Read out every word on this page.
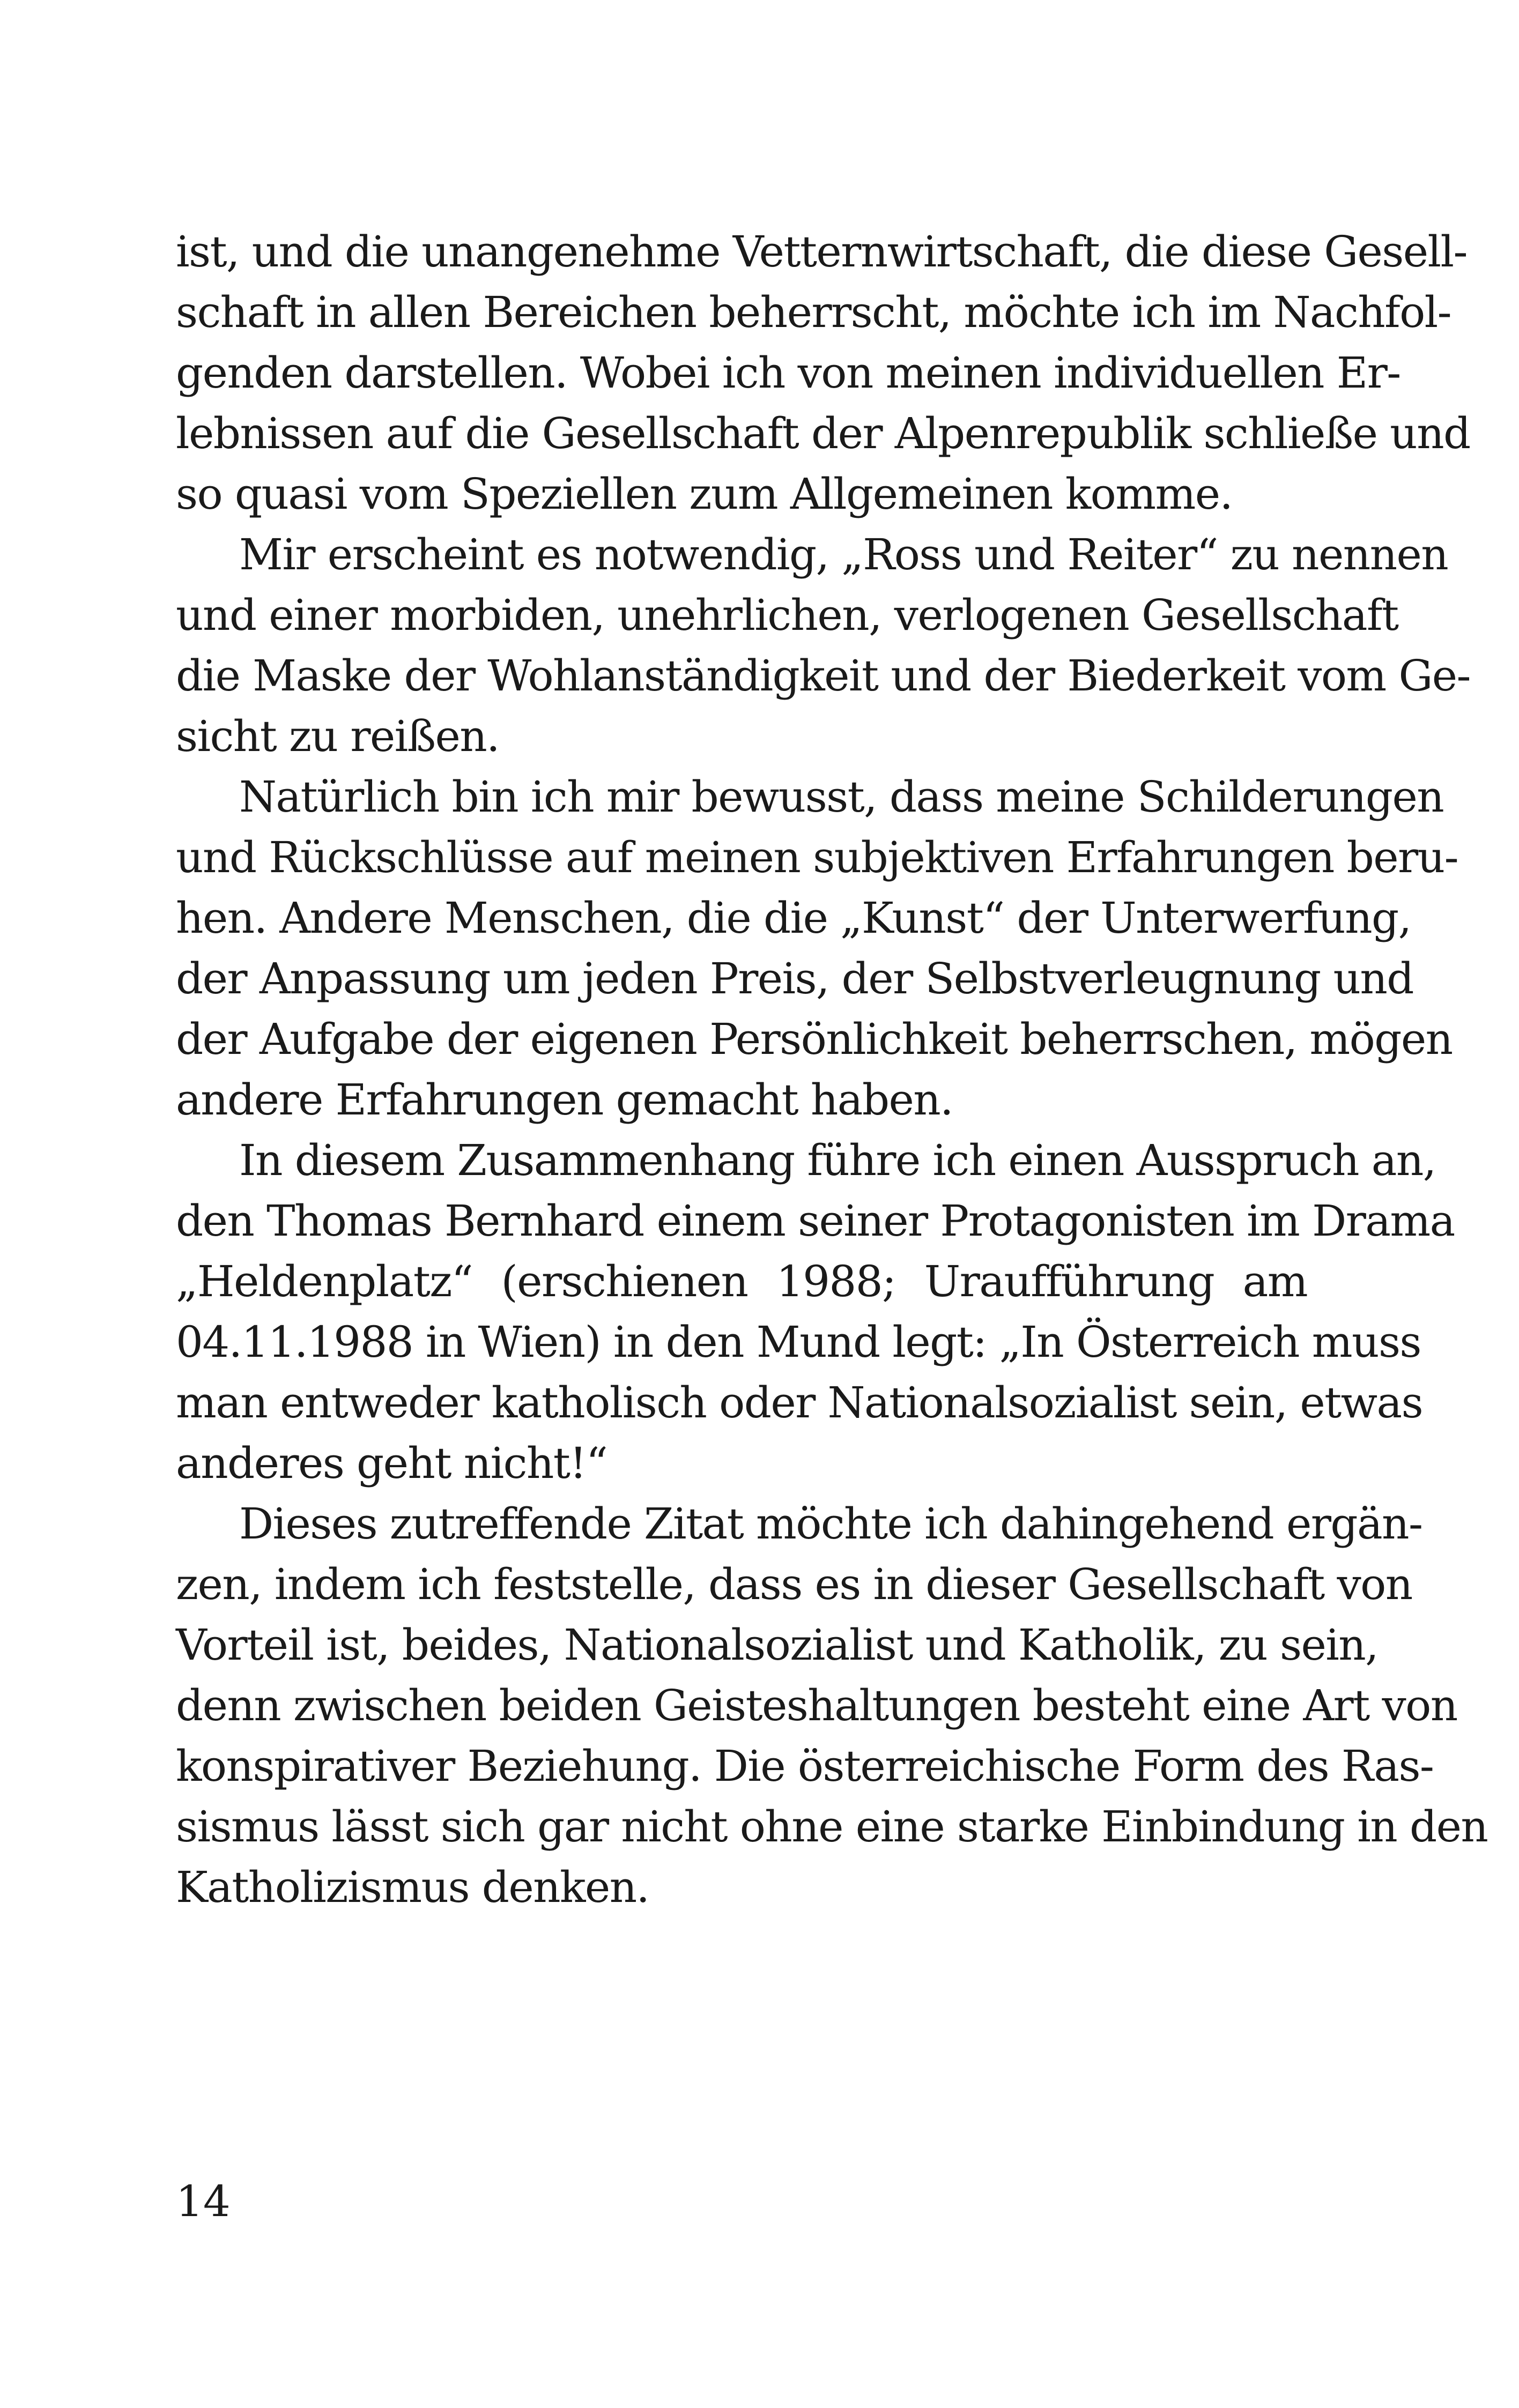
ist, und die unangenehme Vetternwirtschaft, die diese Gesell-
schaft in allen Bereichen beherrscht, möchte ich im Nachfol-
genden darstellen. Wobei ich von meinen individuellen Er-
lebnissen auf die Gesellschaft der Alpenrepublik schließe und
so quasi vom Speziellen zum Allgemeinen komme.
Mir erscheint es notwendig, „Ross und Reiter“ zu nennen
und einer morbiden, unehrlichen, verlogenen Gesellschaft
die Maske der Wohlanständigkeit und der Biederkeit vom Ge-
sicht zu reißen.
Natürlich bin ich mir bewusst, dass meine Schilderungen
und Rückschlüsse auf meinen subjektiven Erfahrungen beru-
hen. Andere Menschen, die die „Kunst“ der Unterwerfung,
der Anpassung um jeden Preis, der Selbstverleugnung und
der Aufgabe der eigenen Persönlichkeit beherrschen, mögen
andere Erfahrungen gemacht haben.
In diesem Zusammenhang führe ich einen Ausspruch an,
den Thomas Bernhard einem seiner Protagonisten im Drama
„Heldenplatz“ (erschienen 1988; Uraufführung am
04.11.1988 in Wien) in den Mund legt: „In Österreich muss
man entweder katholisch oder Nationalsozialist sein, etwas
anderes geht nicht!“
Dieses zutreffende Zitat möchte ich dahingehend ergän-
zen, indem ich feststelle, dass es in dieser Gesellschaft von
Vorteil ist, beides, Nationalsozialist und Katholik, zu sein,
denn zwischen beiden Geisteshaltungen besteht eine Art von
konspirativer Beziehung. Die österreichische Form des Ras-
sismus lässt sich gar nicht ohne eine starke Einbindung in den
Katholizismus denken.
14
